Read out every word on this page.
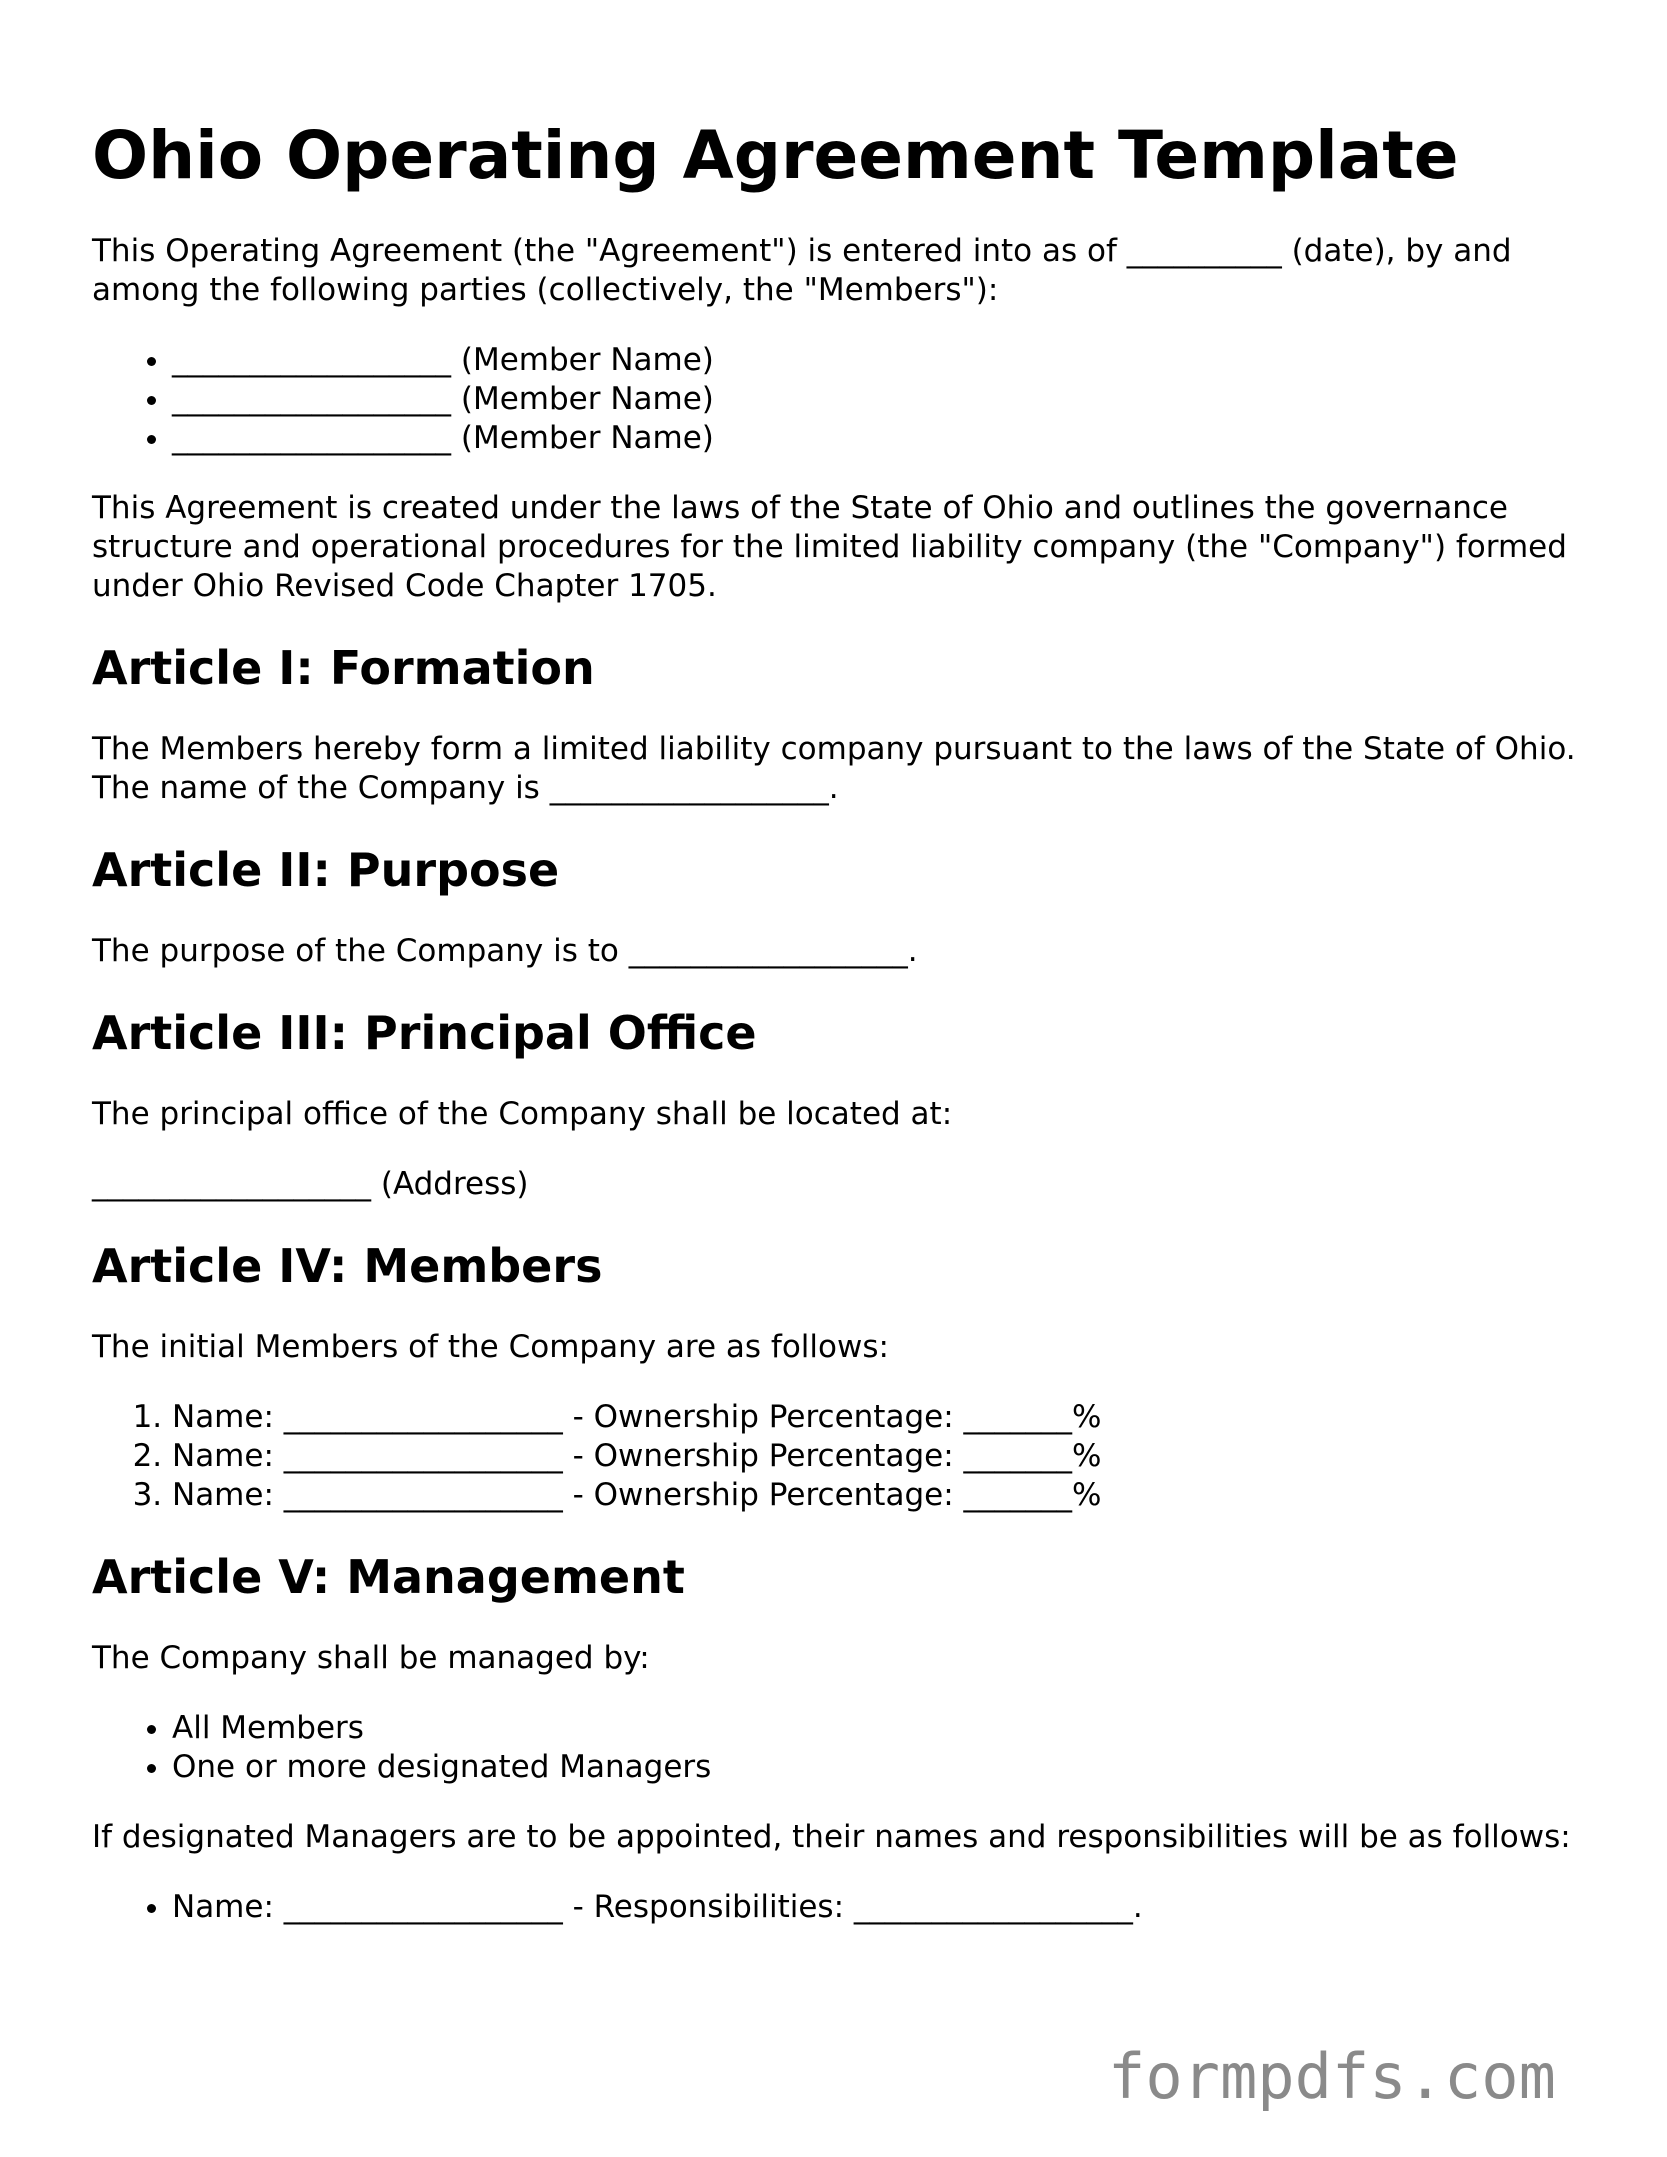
Ohio Operating Agreement Template

This Operating Agreement (the "Agreement") is entered into as of __________ (date), by and among the following parties (collectively, the "Members"):

• __________________ (Member Name)
• __________________ (Member Name)
• __________________ (Member Name)

This Agreement is created under the laws of the State of Ohio and outlines the governance structure and operational procedures for the limited liability company (the "Company") formed under Ohio Revised Code Chapter 1705.

Article I: Formation

The Members hereby form a limited liability company pursuant to the laws of the State of Ohio. The name of the Company is __________________.

Article II: Purpose

The purpose of the Company is to __________________.

Article III: Principal Office

The principal office of the Company shall be located at:

__________________ (Address)

Article IV: Members

The initial Members of the Company are as follows:

1. Name: __________________ - Ownership Percentage: _______%
2. Name: __________________ - Ownership Percentage: _______%
3. Name: __________________ - Ownership Percentage: _______%
Article V: Management

The Company shall be managed by:

• All Members
• One or more designated Managers

If designated Managers are to be appointed, their names and responsibilities will be as follows:

• Name: __________________ - Responsibilities: __________________.
formpdfs.com
